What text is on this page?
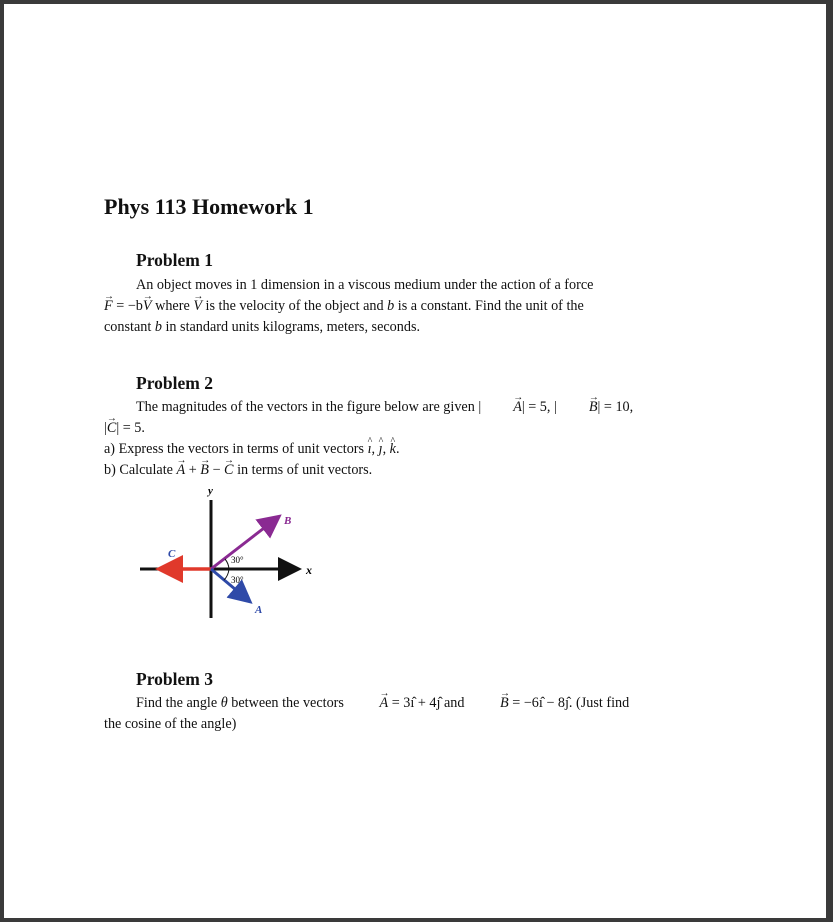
Phys 113 Homework 1
Problem 1
An object moves in 1 dimension in a viscous medium under the action of a force
→ F = −b→ V where → V is the velocity of the object and b is a constant. Find the unit of the
constant b in standard units kilograms, meters, seconds.
Problem 2
The magnitudes of the vectors in the figure below are given | → A| = 5, | → B| = 10,
|→ C| = 5.
a) Express the vectors in terms of unit vectors ^ ı, ^ ȷ, ^ k.
b) Calculate → A + → B − → C in terms of unit vectors.
y
x
C
B
A
30°
30°
Problem 3
Find the angle θ between the vectors → A = 3ı̂ + 4ȷ̂ and → B = −6ı̂ − 8ȷ̂. (Just find
the cosine of the angle)
